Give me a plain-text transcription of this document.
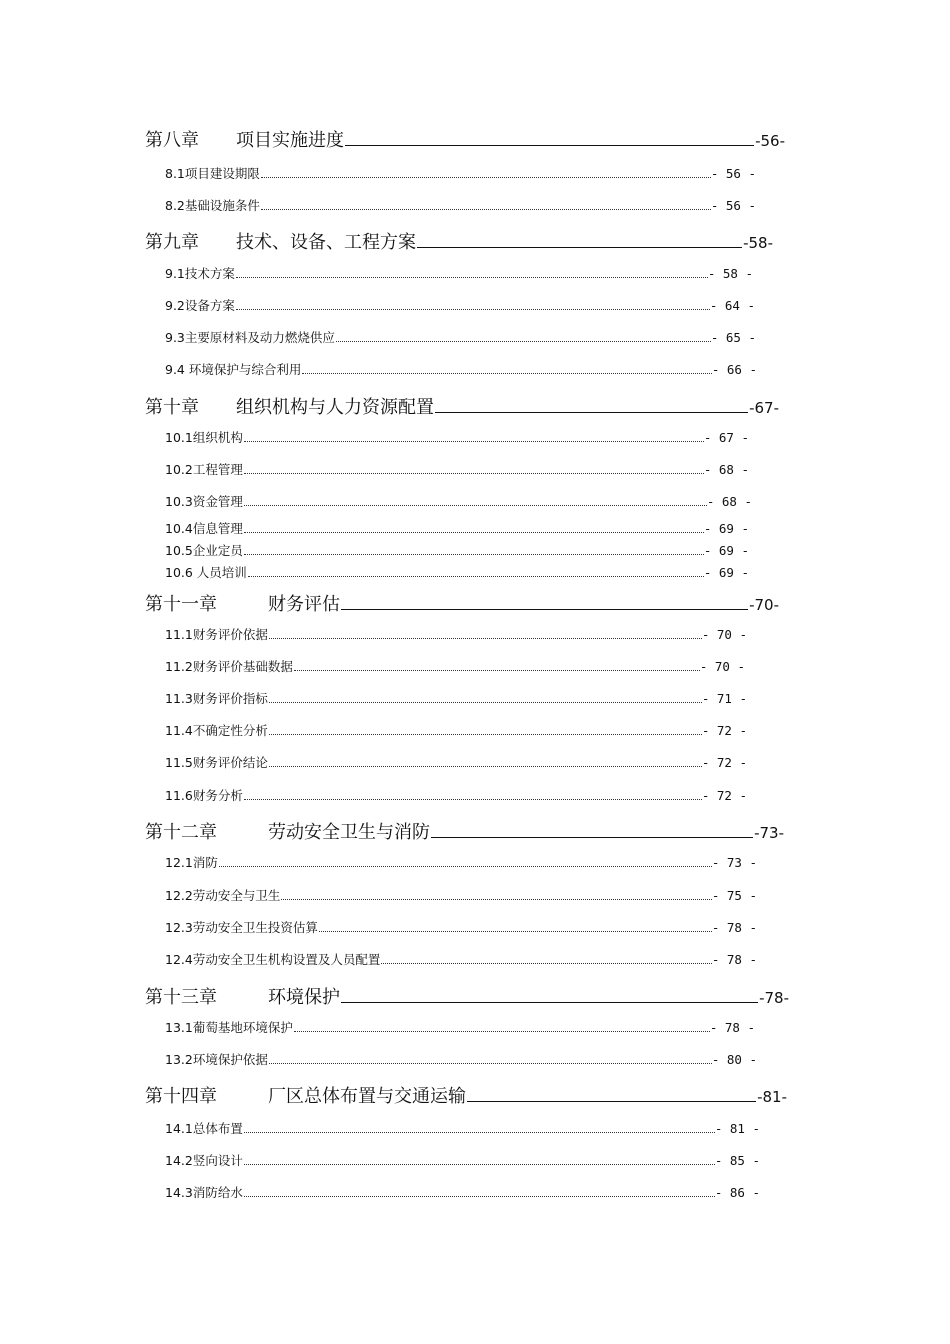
第八章	项目实施进度	-56-
8.1项目建设期限	- 56 -
8.2基础设施条件	- 56 -
第九章	技术、设备、工程方案	-58-
9.1技术方案	- 58 -
9.2设备方案	- 64 -
9.3主要原材料及动力燃烧供应	- 65 -
9.4 环境保护与综合利用	- 66 -
第十章	组织机构与人力资源配置	-67-
10.1组织机构	- 67 -
10.2工程管理	- 68 -
10.3资金管理	- 68 -
10.4信息管理	- 69 -
10.5企业定员	- 69 -
10.6 人员培训	- 69 -
第十一章	财务评估	-70-
11.1财务评价依据	- 70 -
11.2财务评价基础数据	- 70 -
11.3财务评价指标	- 71 -
11.4不确定性分析	- 72 -
11.5财务评价结论	- 72 -
11.6财务分析	- 72 -
第十二章	劳动安全卫生与消防	-73-
12.1消防	- 73 -
12.2劳动安全与卫生	- 75 -
12.3劳动安全卫生投资估算	- 78 -
12.4劳动安全卫生机构设置及人员配置	- 78 -
第十三章	环境保护	-78-
13.1葡萄基地环境保护	- 78 -
13.2环境保护依据	- 80 -
第十四章	厂区总体布置与交通运输	-81-
14.1总体布置	- 81 -
14.2竖向设计	- 85 -
14.3消防给水	- 86 -
